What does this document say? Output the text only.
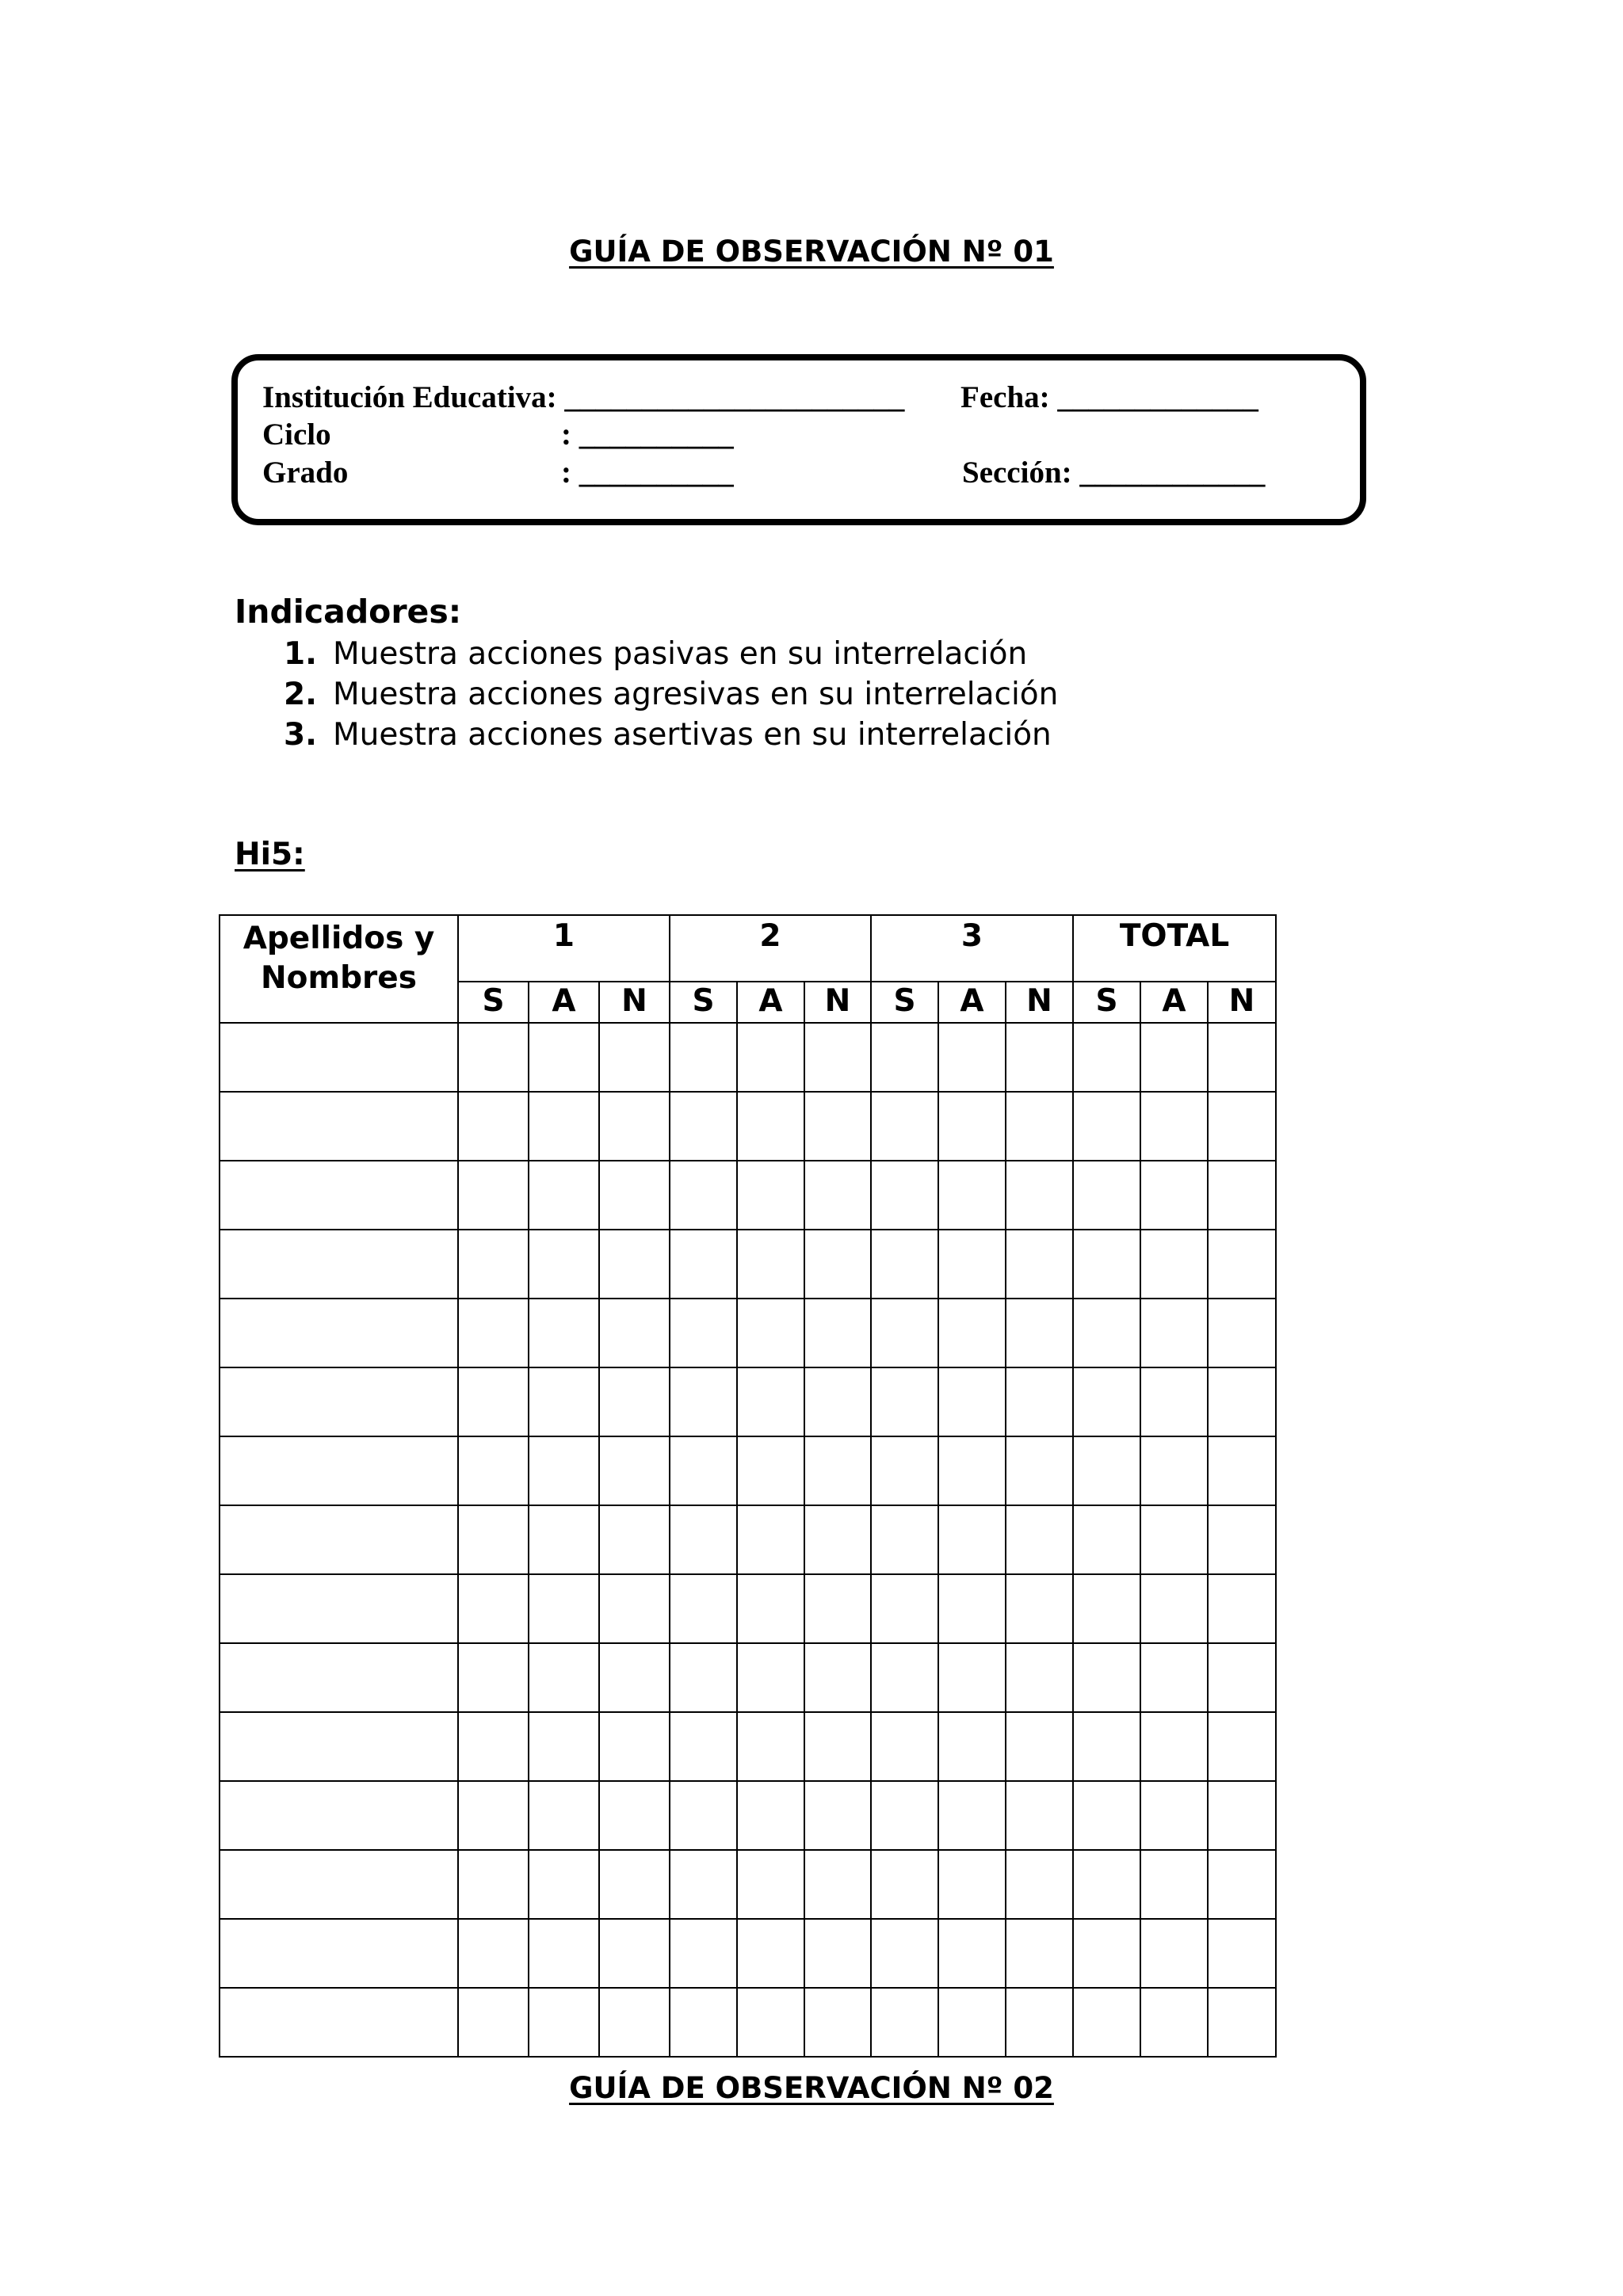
GUÍA DE OBSERVACIÓN Nº 01
Institución Educativa: ______________________ Fecha: _____________
Ciclo	: __________
Grado	: __________	Sección: ____________
Indicadores:
1. Muestra acciones pasivas en su interrelación
2. Muestra acciones agresivas en su interrelación
3. Muestra acciones asertivas en su interrelación
Hi5:
Apellidos y Nombres	1			2			3			TOTAL		
	S	A	N	S	A	N	S	A	N	S	A	N

GUÍA DE OBSERVACIÓN Nº 02
